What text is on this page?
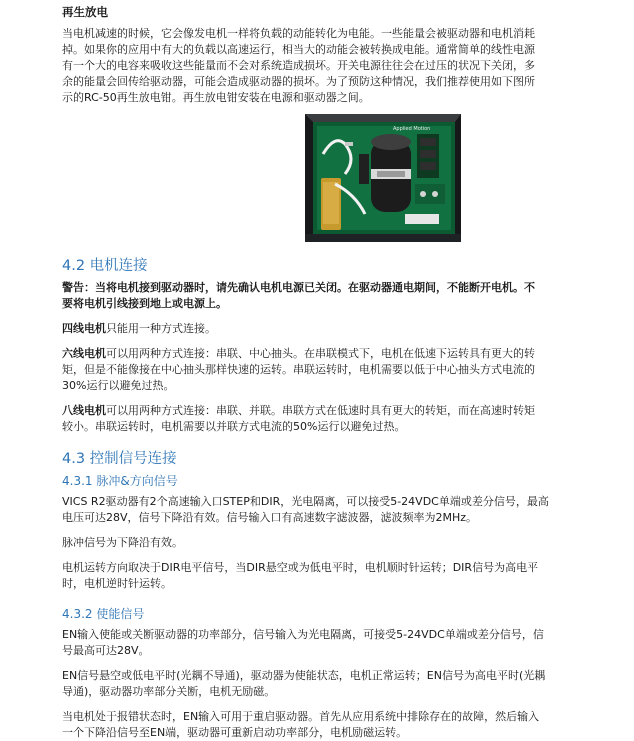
再生放电

当电机减速的时候，它会像发电机一样将负载的动能转化为电能。一些能量会被驱动器和电机消耗
掉。如果你的应用中有大的负载以高速运行，相当大的动能会被转换成电能。通常简单的线性电源
有一个大的电容来吸收这些能量而不会对系统造成损坏。开关电源往往会在过压的状况下关闭，多
余的能量会回传给驱动器，可能会造成驱动器的损坏。为了预防这种情况，我们推荐使用如下图所
示的RC-50再生放电钳。再生放电钳安装在电源和驱动器之间。

Applied Motion
4.2 电机连接

警告：当将电机接到驱动器时，请先确认电机电源已关闭。在驱动器通电期间，不能断开电机。不
要将电机引线接到地上或电源上。

四线电机只能用一种方式连接。

六线电机可以用两种方式连接：串联、中心抽头。在串联模式下，电机在低速下运转具有更大的转
矩，但是不能像接在中心抽头那样快速的运转。串联运转时，电机需要以低于中心抽头方式电流的
30%运行以避免过热。

八线电机可以用两种方式连接：串联、并联。串联方式在低速时具有更大的转矩，而在高速时转矩
较小。串联运转时，电机需要以并联方式电流的50%运行以避免过热。

4.3 控制信号连接
4.3.1 脉冲&方向信号

VICS R2驱动器有2个高速输入口STEP和DIR，光电隔离，可以接受5-24VDC单端或差分信号，最高
电压可达28V，信号下降沿有效。信号输入口有高速数字滤波器，滤波频率为2MHz。

脉冲信号为下降沿有效。

电机运转方向取决于DIR电平信号，当DIR悬空或为低电平时，电机顺时针运转；DIR信号为高电平
时，电机逆时针运转。

4.3.2 使能信号

EN输入使能或关断驱动器的功率部分，信号输入为光电隔离，可接受5-24VDC单端或差分信号，信
号最高可达28V。

EN信号悬空或低电平时(光耦不导通)，驱动器为使能状态，电机正常运转；EN信号为高电平时(光耦
导通)，驱动器功率部分关断，电机无励磁。

当电机处于报错状态时，EN输入可用于重启驱动器。首先从应用系统中排除存在的故障，然后输入
一个下降沿信号至EN端，驱动器可重新启动功率部分，电机励磁运转。
